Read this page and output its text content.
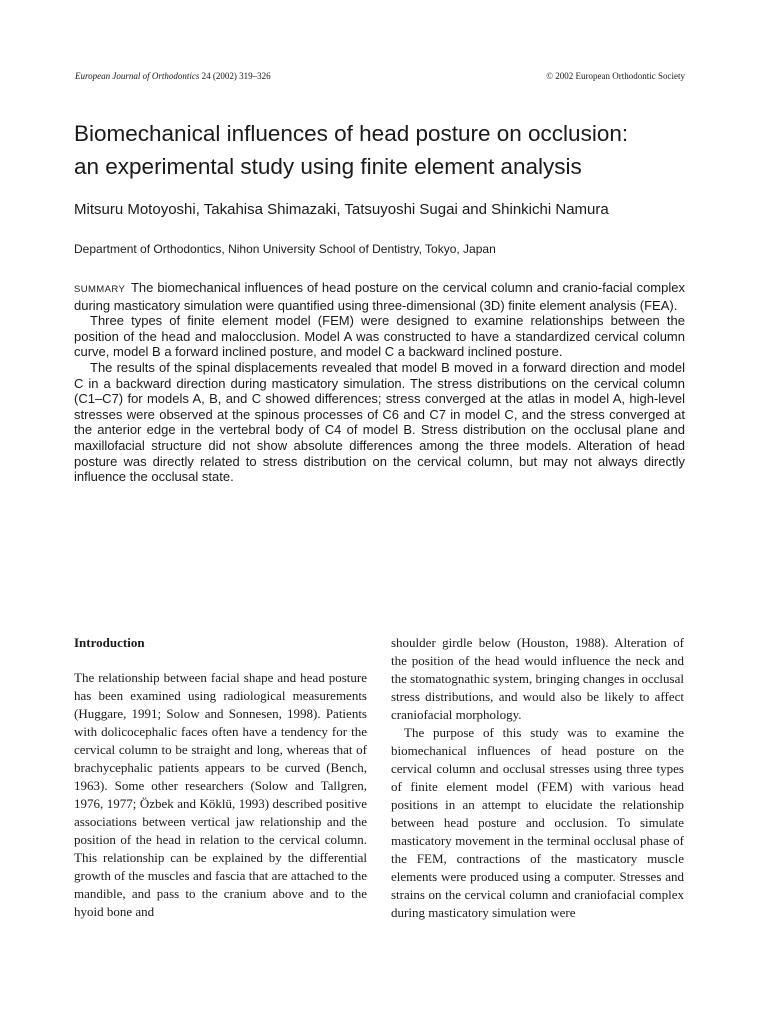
European Journal of Orthodontics 24 (2002) 319–326	© 2002 European Orthodontic Society
Biomechanical influences of head posture on occlusion:
an experimental study using finite element analysis
Mitsuru Motoyoshi, Takahisa Shimazaki, Tatsuyoshi Sugai and Shinkichi Namura
Department of Orthodontics, Nihon University School of Dentistry, Tokyo, Japan

SUMMARY The biomechanical influences of head posture on the cervical column and cranio-facial complex during masticatory simulation were quantified using three-dimensional (3D) finite element analysis (FEA).

Three types of finite element model (FEM) were designed to examine relationships between the position of the head and malocclusion. Model A was constructed to have a standardized cervical column curve, model B a forward inclined posture, and model C a backward inclined posture.

The results of the spinal displacements revealed that model B moved in a forward direction and model C in a backward direction during masticatory simulation. The stress distributions on the cervical column (C1–C7) for models A, B, and C showed differences; stress converged at the atlas in model A, high-level stresses were observed at the spinous processes of C6 and C7 in model C, and the stress converged at the anterior edge in the vertebral body of C4 of model B. Stress distribution on the occlusal plane and maxillofacial structure did not show absolute differences among the three models. Alteration of head posture was directly related to stress distribution on the cervical column, but may not always directly influence the occlusal state.

Introduction

The relationship between facial shape and head posture has been examined using radiological measurements (Huggare, 1991; Solow and Sonnesen, 1998). Patients with dolicocephalic faces often have a tendency for the cervical column to be straight and long, whereas that of brachycephalic patients appears to be curved (Bench, 1963). Some other researchers (Solow and Tallgren, 1976, 1977; Özbek and Köklü, 1993) described positive associations between vertical jaw relationship and the position of the head in relation to the cervical column. This relationship can be explained by the differential growth of the muscles and fascia that are attached to the mandible, and pass to the cranium above and to the hyoid bone and

shoulder girdle below (Houston, 1988). Alteration of the position of the head would influence the neck and the stomatognathic system, bringing changes in occlusal stress distributions, and would also be likely to affect craniofacial morphology.

The purpose of this study was to examine the biomechanical influences of head posture on the cervical column and occlusal stresses using three types of finite element model (FEM) with various head positions in an attempt to elucidate the relationship between head posture and occlusion. To simulate masticatory movement in the terminal occlusal phase of the FEM, contractions of the masticatory muscle elements were produced using a computer. Stresses and strains on the cervical column and craniofacial complex during masticatory simulation were
